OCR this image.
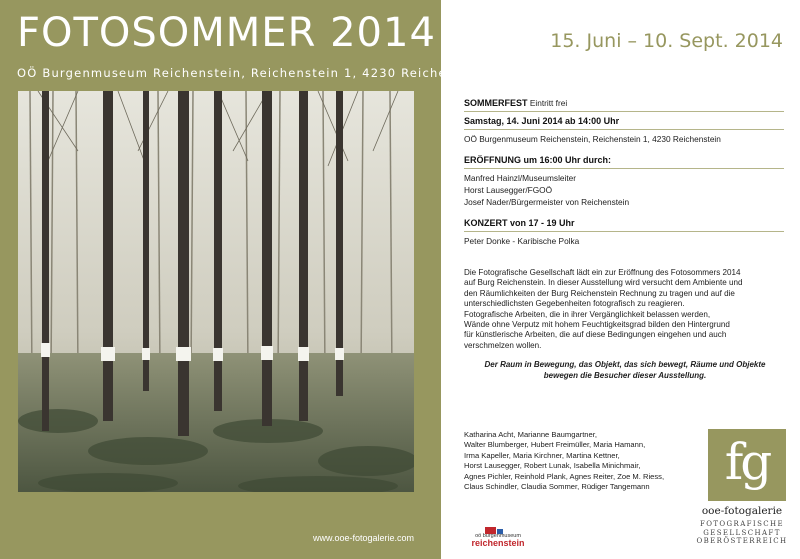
FOTOSOMMER 2014
OÖ Burgenmuseum Reichenstein, Reichenstein 1, 4230 Reichenstein
www.ooe-fotogalerie.com
15. Juni – 10. Sept. 2014
SOMMERFEST Eintritt frei
Samstag, 14. Juni 2014 ab 14:00 Uhr
OÖ Burgenmuseum Reichenstein, Reichenstein 1, 4230 Reichenstein
ERÖFFNUNG um 16:00 Uhr durch:
Manfred Hainzl/Museumsleiter
Horst Lausegger/FGOÖ
Josef Nader/Bürgermeister von Reichenstein
KONZERT von 17 - 19 Uhr
Peter Donke - Karibische Polka
Die Fotografische Gesellschaft lädt ein zur Eröffnung des Fotosommers 2014
auf Burg Reichenstein. In dieser Ausstellung wird versucht dem Ambiente und
den Räumlichkeiten der Burg Reichenstein Rechnung zu tragen und auf die
unterschiedlichsten Gegebenheiten fotografisch zu reagieren.
Fotografische Arbeiten, die in ihrer Vergänglichkeit belassen werden,
Wände ohne Verputz mit hohem Feuchtigkeitsgrad bilden den Hintergrund
für künstlerische Arbeiten, die auf diese Bedingungen eingehen und auch
verschmelzen wollen.
Der Raum in Bewegung, das Objekt, das sich bewegt, Räume und Objekte
bewegen die Besucher dieser Ausstellung.
Katharina Acht, Marianne Baumgartner,
Walter Blumberger, Hubert Freimüller, Maria Hamann,
Irma Kapeller, Maria Kirchner, Martina Kettner,
Horst Lausegger, Robert Lunak, Isabella Minichmair,
Agnes Pichler, Reinhold Plank, Agnes Reiter, Zoe M. Riess,
Claus Schindler, Claudia Sommer, Rüdiger Tangemann
oö burgenmuseum
reichenstein
fg
ooe-fotogalerie
FOTOGRAFISCHE
GESELLSCHAFT
OBERÖSTERREICH
